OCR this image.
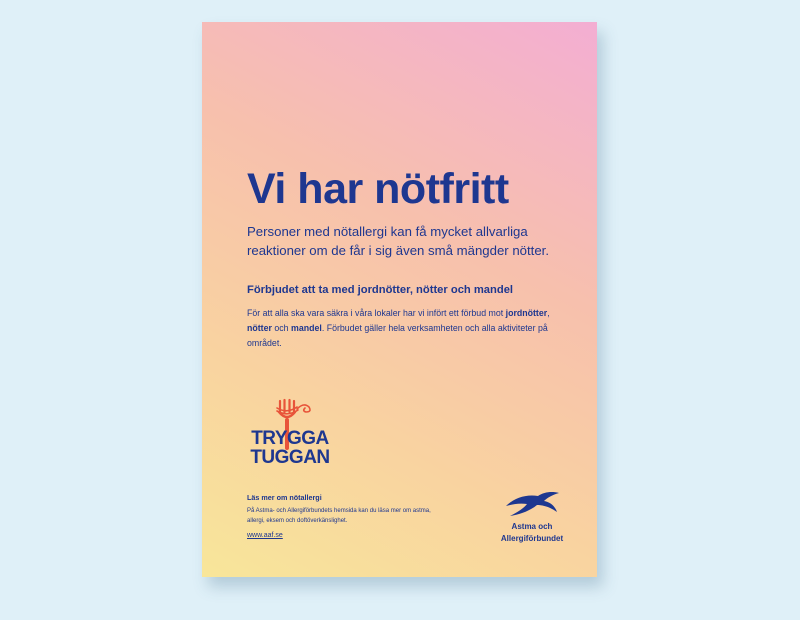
Vi har nötfritt

Personer med nötallergi kan få mycket allvarliga reaktioner om de får i sig även små mängder nötter.

Förbjudet att ta med jordnötter, nötter och mandel

För att alla ska vara säkra i våra lokaler har vi infört ett förbud mot jordnötter, nötter och mandel. Förbudet gäller hela verksamheten och alla aktiviteter på området.

TRYGGA
TUGGAN
Läs mer om nötallergi

På Astma- och Allergiförbundets hemsida kan du läsa mer om astma, allergi, eksem och doftöverkänslighet.

www.aaf.se
Astma och
Allergiförbundet
